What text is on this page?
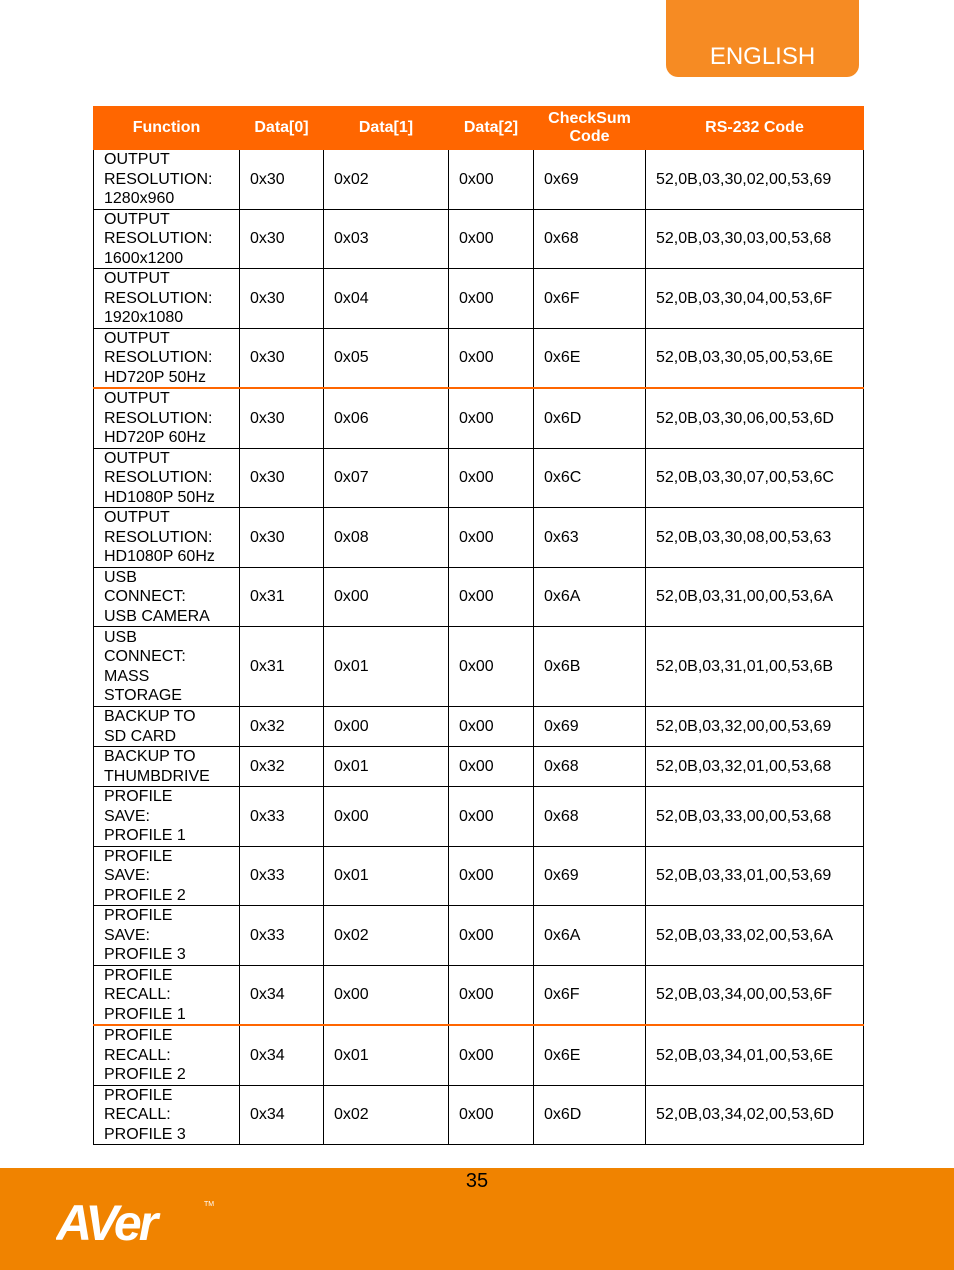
ENGLISH
Function	Data[0]	Data[1]	Data[2]	CheckSum Code	RS-232 Code

OUTPUT
RESOLUTION:
1280x960	0x30	0x02	0x00	0x69	52,0B,03,30,02,00,53,69

OUTPUT
RESOLUTION:
1600x1200	0x30	0x03	0x00	0x68	52,0B,03,30,03,00,53,68

OUTPUT
RESOLUTION:
1920x1080	0x30	0x04	0x00	0x6F	52,0B,03,30,04,00,53,6F

OUTPUT
RESOLUTION:
HD720P 50Hz	0x30	0x05	0x00	0x6E	52,0B,03,30,05,00,53,6E

OUTPUT
RESOLUTION:
HD720P 60Hz	0x30	0x06	0x00	0x6D	52,0B,03,30,06,00,53,6D

OUTPUT
RESOLUTION:
HD1080P 50Hz	0x30	0x07	0x00	0x6C	52,0B,03,30,07,00,53,6C

OUTPUT
RESOLUTION:
HD1080P 60Hz	0x30	0x08	0x00	0x63	52,0B,03,30,08,00,53,63

USB
CONNECT:
USB CAMERA	0x31	0x00	0x00	0x6A	52,0B,03,31,00,00,53,6A

USB
CONNECT:
MASS
STORAGE	0x31	0x01	0x00	0x6B	52,0B,03,31,01,00,53,6B

BACKUP TO
SD CARD	0x32	0x00	0x00	0x69	52,0B,03,32,00,00,53,69

BACKUP TO
THUMBDRIVE	0x32	0x01	0x00	0x68	52,0B,03,32,01,00,53,68

PROFILE
SAVE:
PROFILE 1	0x33	0x00	0x00	0x68	52,0B,03,33,00,00,53,68

PROFILE
SAVE:
PROFILE 2	0x33	0x01	0x00	0x69	52,0B,03,33,01,00,53,69

PROFILE
SAVE:
PROFILE 3	0x33	0x02	0x00	0x6A	52,0B,03,33,02,00,53,6A

PROFILE
RECALL:
PROFILE 1	0x34	0x00	0x00	0x6F	52,0B,03,34,00,00,53,6F

PROFILE
RECALL:
PROFILE 2	0x34	0x01	0x00	0x6E	52,0B,03,34,01,00,53,6E

PROFILE
RECALL:
PROFILE 3	0x34	0x02	0x00	0x6D	52,0B,03,34,02,00,53,6D
35
AVer	TM
